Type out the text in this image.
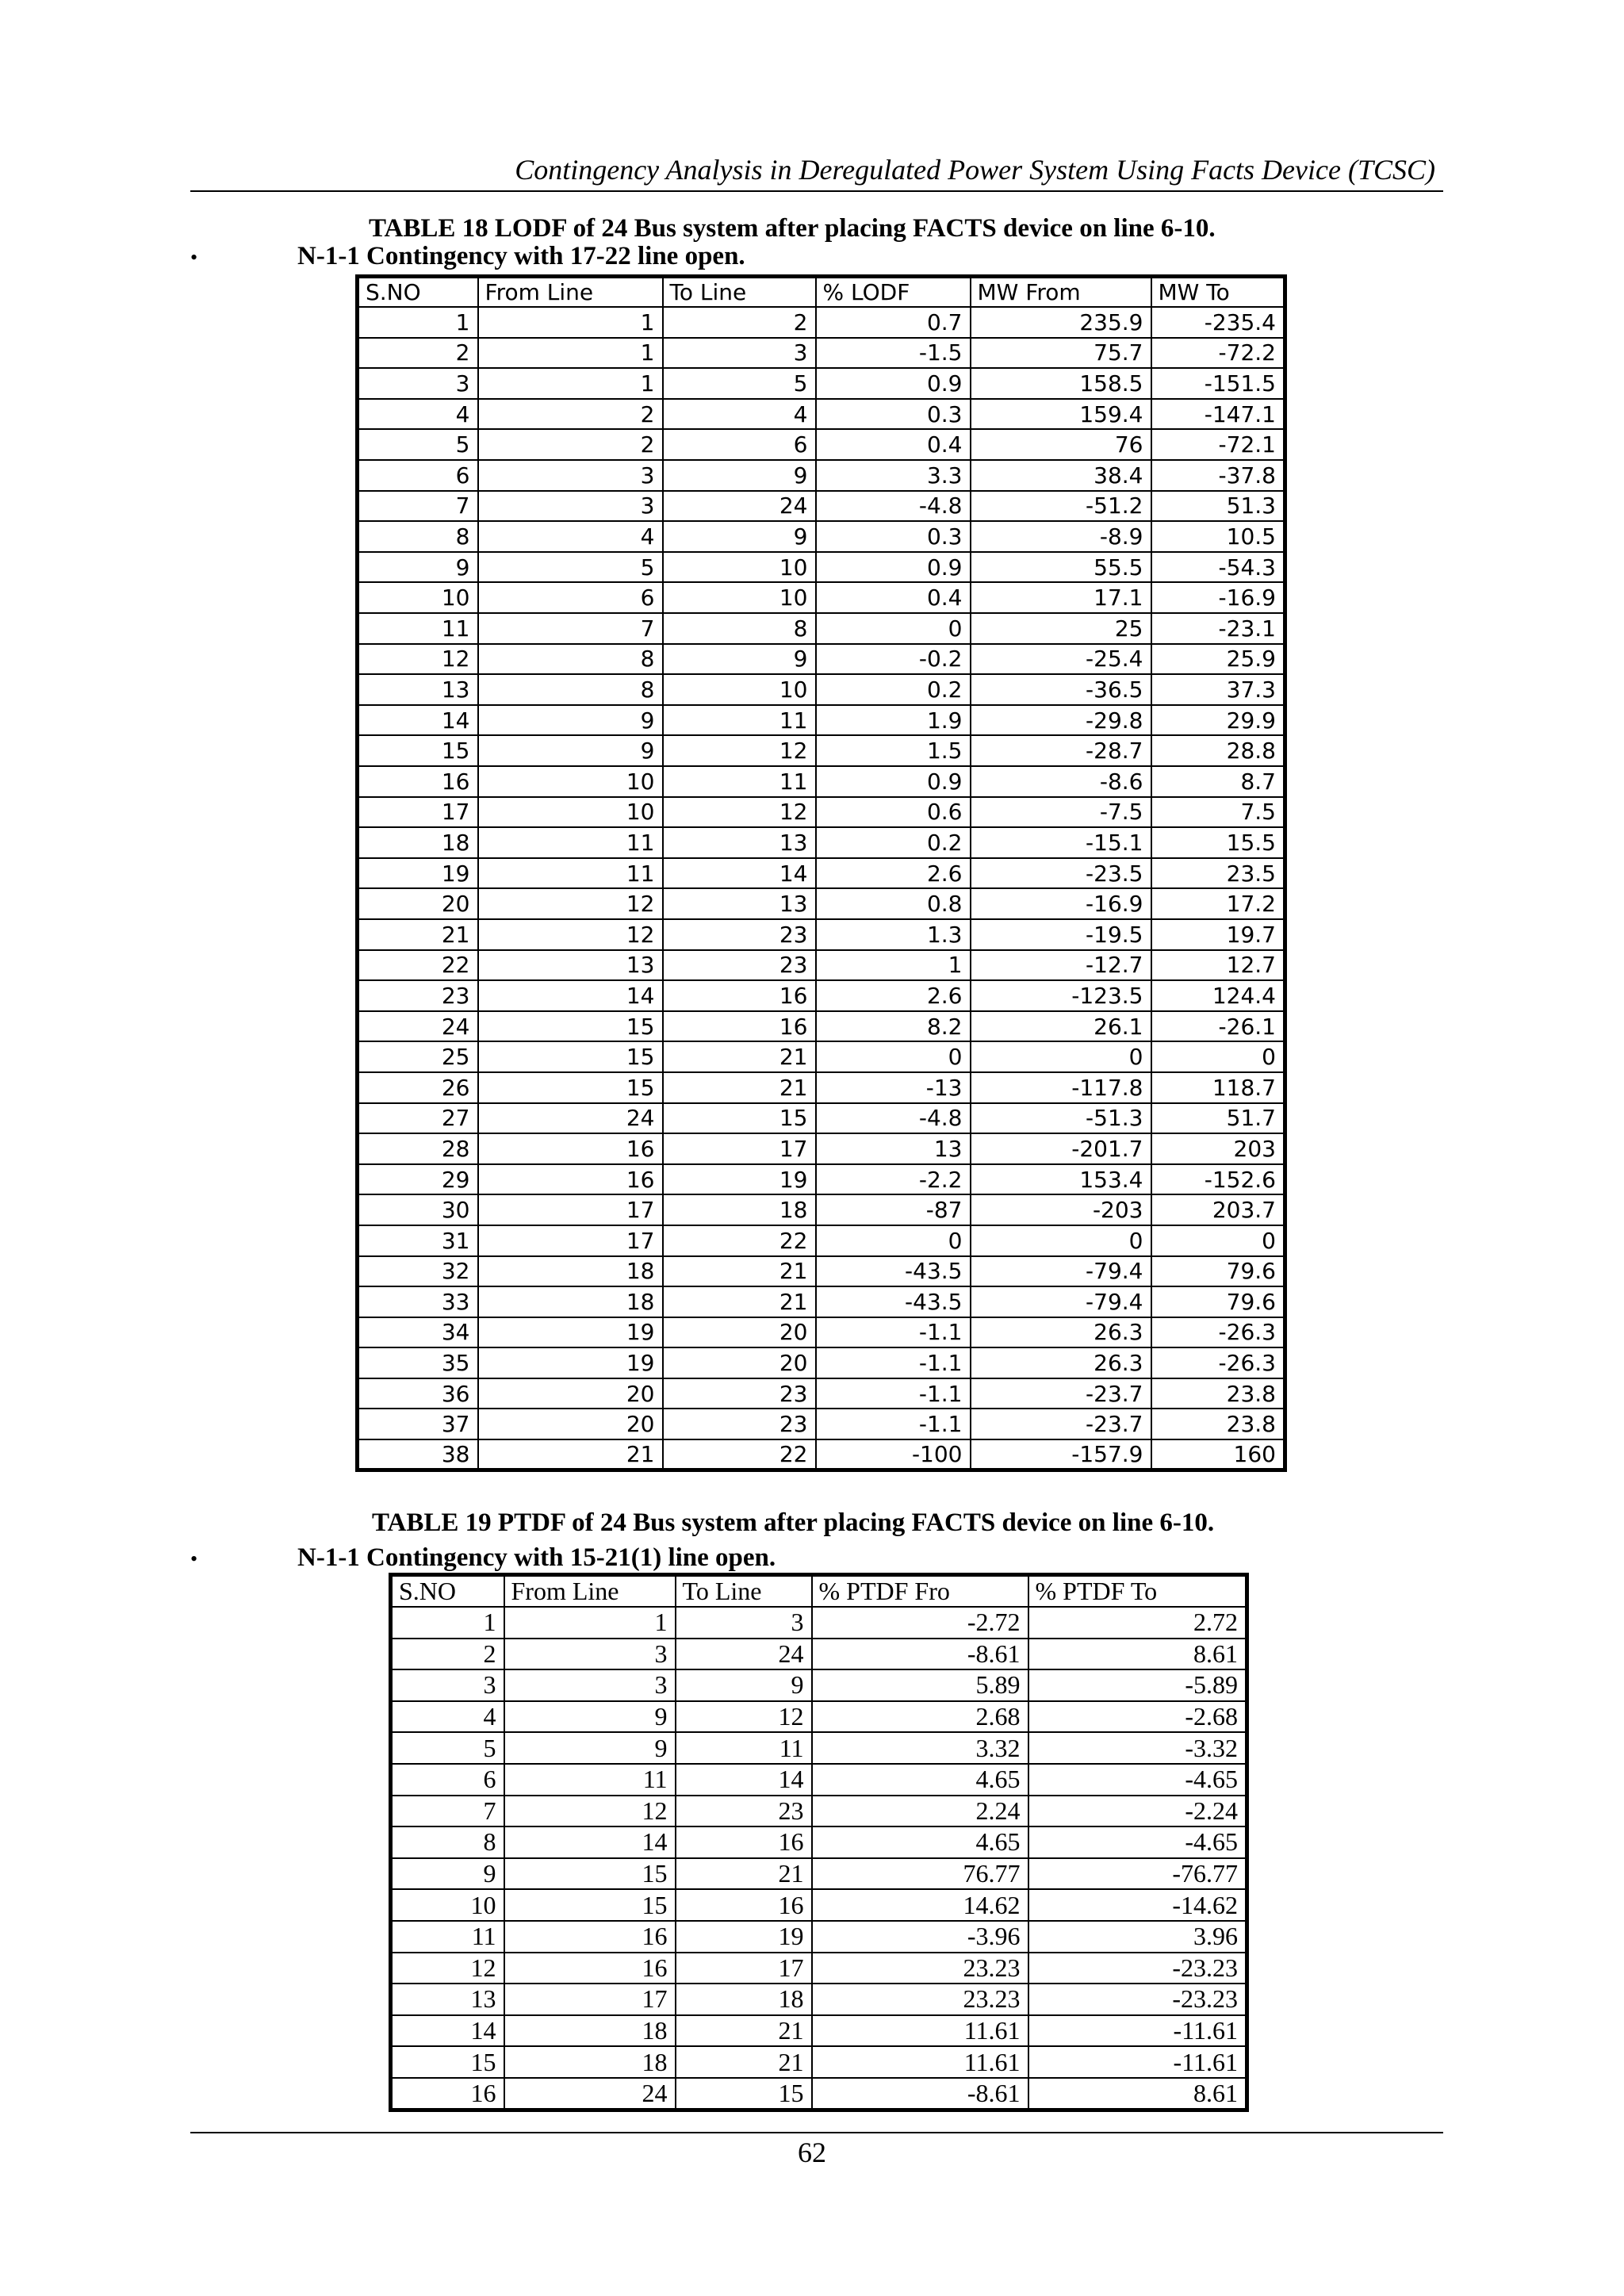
Contingency Analysis in Deregulated Power System Using Facts Device (TCSC)
TABLE 18 LODF of 24 Bus system after placing FACTS device on line 6-10.
•	N-1-1 Contingency with 17-22 line open.
S.NO	From Line	To Line	% LODF	MW From	MW To
1	1	2	0.7	235.9	-235.4
2	1	3	-1.5	75.7	-72.2
3	1	5	0.9	158.5	-151.5
4	2	4	0.3	159.4	-147.1
5	2	6	0.4	76	-72.1
6	3	9	3.3	38.4	-37.8
7	3	24	-4.8	-51.2	51.3
8	4	9	0.3	-8.9	10.5
9	5	10	0.9	55.5	-54.3
10	6	10	0.4	17.1	-16.9
11	7	8	0	25	-23.1
12	8	9	-0.2	-25.4	25.9
13	8	10	0.2	-36.5	37.3
14	9	11	1.9	-29.8	29.9
15	9	12	1.5	-28.7	28.8
16	10	11	0.9	-8.6	8.7
17	10	12	0.6	-7.5	7.5
18	11	13	0.2	-15.1	15.5
19	11	14	2.6	-23.5	23.5
20	12	13	0.8	-16.9	17.2
21	12	23	1.3	-19.5	19.7
22	13	23	1	-12.7	12.7
23	14	16	2.6	-123.5	124.4
24	15	16	8.2	26.1	-26.1
25	15	21	0	0	0
26	15	21	-13	-117.8	118.7
27	24	15	-4.8	-51.3	51.7
28	16	17	13	-201.7	203
29	16	19	-2.2	153.4	-152.6
30	17	18	-87	-203	203.7
31	17	22	0	0	0
32	18	21	-43.5	-79.4	79.6
33	18	21	-43.5	-79.4	79.6
34	19	20	-1.1	26.3	-26.3
35	19	20	-1.1	26.3	-26.3
36	20	23	-1.1	-23.7	23.8
37	20	23	-1.1	-23.7	23.8
38	21	22	-100	-157.9	160
TABLE 19 PTDF of 24 Bus system after placing FACTS device on line 6-10.
•	N-1-1 Contingency with 15-21(1) line open.
S.NO	From Line	To Line	% PTDF Fro	% PTDF To
1	1	3	-2.72	2.72
2	3	24	-8.61	8.61
3	3	9	5.89	-5.89
4	9	12	2.68	-2.68
5	9	11	3.32	-3.32
6	11	14	4.65	-4.65
7	12	23	2.24	-2.24
8	14	16	4.65	-4.65
9	15	21	76.77	-76.77
10	15	16	14.62	-14.62
11	16	19	-3.96	3.96
12	16	17	23.23	-23.23
13	17	18	23.23	-23.23
14	18	21	11.61	-11.61
15	18	21	11.61	-11.61
16	24	15	-8.61	8.61
62
